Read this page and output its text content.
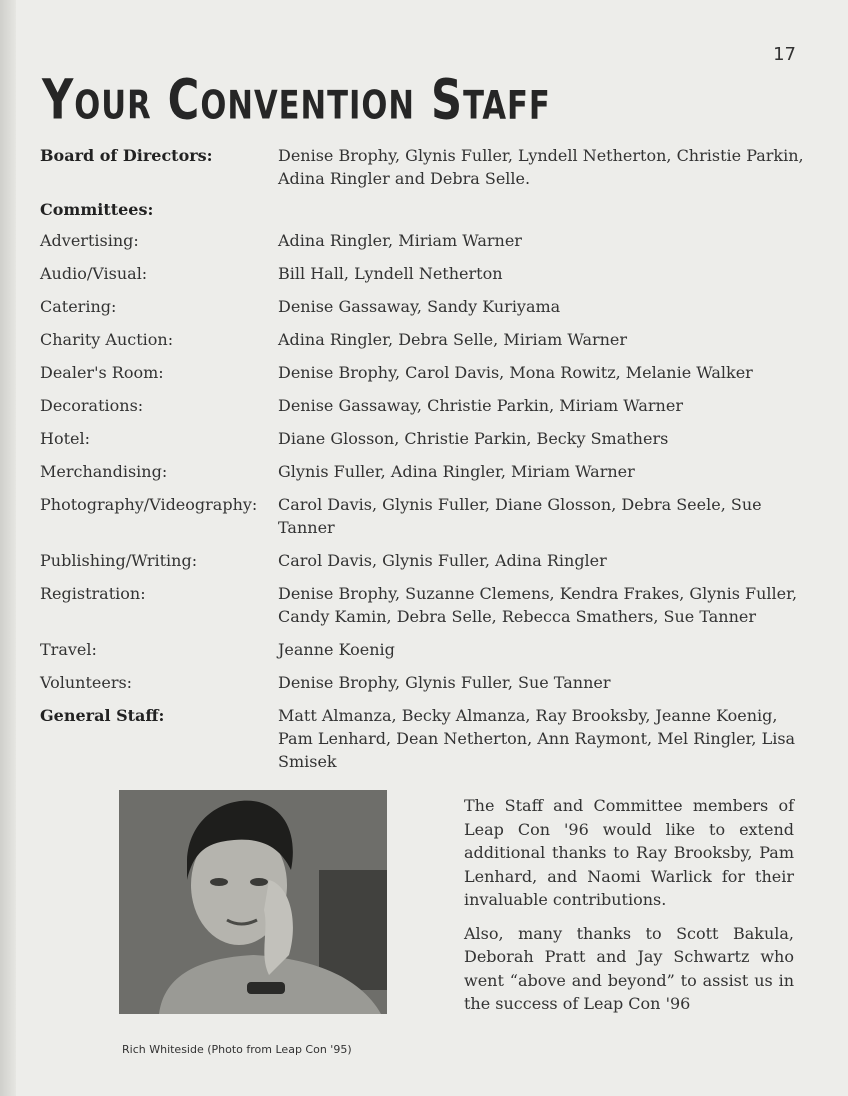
17
Your Convention Staff
Board of Directors:	Denise Brophy, Glynis Fuller, Lyndell Netherton, Christie Parkin, Adina Ringler and Debra Selle.
Committees:
Advertising:	Adina Ringler, Miriam Warner
Audio/Visual:	Bill Hall, Lyndell Netherton
Catering:	Denise Gassaway, Sandy Kuriyama
Charity Auction:	Adina Ringler, Debra Selle, Miriam Warner
Dealer's Room:	Denise Brophy, Carol Davis, Mona Rowitz, Melanie Walker
Decorations:	Denise Gassaway, Christie Parkin, Miriam Warner
Hotel:	Diane Glosson, Christie Parkin, Becky Smathers
Merchandising:	Glynis Fuller, Adina Ringler, Miriam Warner
Photography/Videography:	Carol Davis, Glynis Fuller, Diane Glosson, Debra Seele, Sue Tanner
Publishing/Writing:	Carol Davis, Glynis Fuller, Adina Ringler
Registration:	Denise Brophy, Suzanne Clemens, Kendra Frakes, Glynis Fuller, Candy Kamin, Debra Selle, Rebecca Smathers, Sue Tanner
Travel:	Jeanne Koenig
Volunteers:	Denise Brophy, Glynis Fuller, Sue Tanner
General Staff:	Matt Almanza, Becky Almanza, Ray Brooksby, Jeanne Koenig, Pam Lenhard, Dean Netherton, Ann Raymont, Mel Ringler, Lisa Smisek
Rich Whiteside (Photo from Leap Con '95)

The Staff and Committee members of Leap Con '96 would like to extend additional thanks to Ray Brooksby, Pam Lenhard, and Naomi Warlick for their invaluable contributions.

Also, many thanks to Scott Bakula, Deborah Pratt and Jay Schwartz who went “above and beyond” to assist us in the success of Leap Con '96
